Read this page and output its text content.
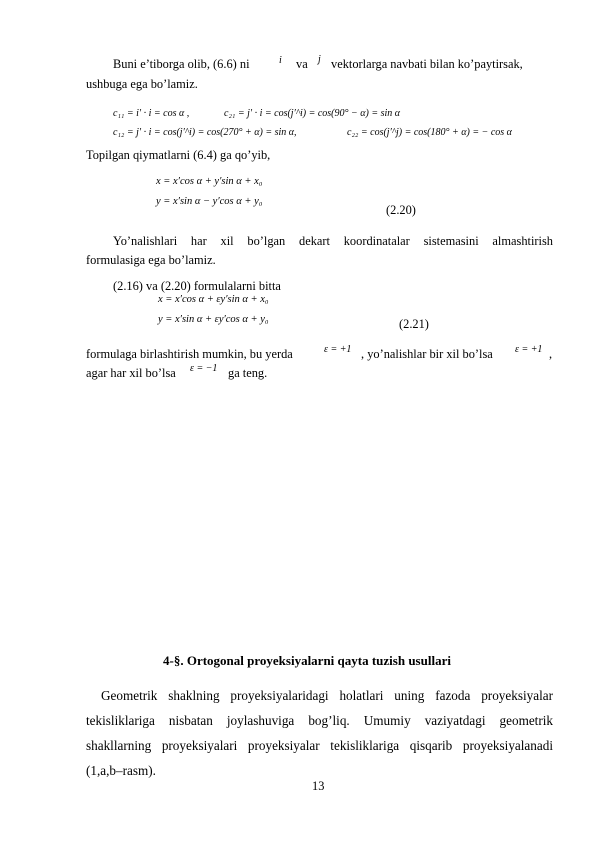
Buni e’tiborga olib, (6.6) ni	i va j vektorlarga navbati bilan ko’paytirsak,
ushbuga ega bo’lamiz.
c₁₁ = i′ · i = cos α ,	c₂₁ = j′ · i = cos(j′^i) = cos(90° − α) = sin α
c₁₂ = j′ · i = cos(j′^i) = cos(270° + α) = sin α,	c₂₂ = cos(j′^j) = cos(180° + α) = − cos α
Topilgan qiymatlarni (6.4) ga qo’yib,
x = x′cos α + y′sin α + x₀
y = x′sin α − y′cos α + y₀
(2.20)
Yo’nalishlari har xil bo’lgan dekart koordinatalar sistemasini almashtirish
formulasiga ega bo’lamiz.
(2.16) va (2.20) formulalarni bitta
x = x′cos α + εy′sin α + x₀
y = x′sin α + εy′cos α + y₀	(2.21)
formulaga birlashtirish mumkin, bu yerda	ε = +1 , yo’nalishlar bir xil bo’lsa ε = +1 ,
agar har xil bo’lsa ε = −1 ga teng.
4-§. Ortogonal proyeksiyalarni qayta tuzish usullari
Geometrik shaklning proyeksiyalaridagi holatlari uning fazoda proyeksiyalar
tekisliklariga nisbatan joylashuviga bog’liq. Umumiy vaziyatdagi geometrik
shakllarning proyeksiyalari proyeksiyalar tekisliklariga qisqarib proyeksiyalanadi
(1,a,b–rasm).
13
